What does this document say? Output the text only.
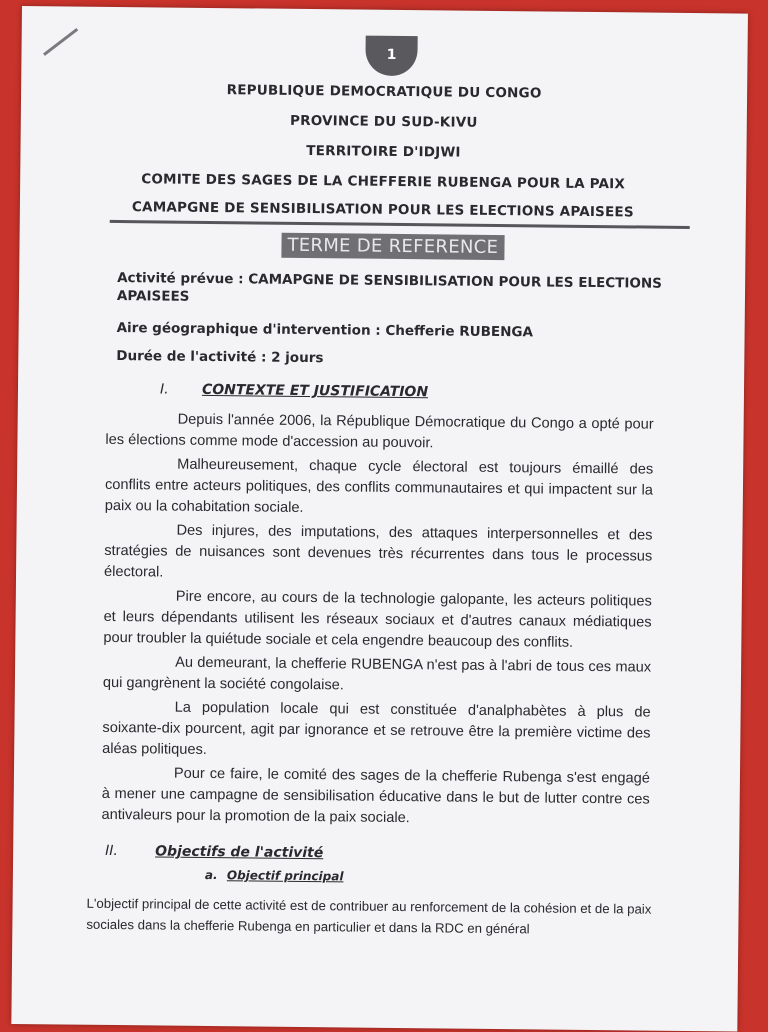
1
REPUBLIQUE DEMOCRATIQUE DU CONGO
PROVINCE DU SUD-KIVU
TERRITOIRE D'IDJWI
COMITE DES SAGES DE LA CHEFFERIE RUBENGA POUR LA PAIX
CAMAPGNE DE SENSIBILISATION POUR LES ELECTIONS APAISEES
TERME DE REFERENCE
Activité prévue : CAMAPGNE DE SENSIBILISATION POUR LES ELECTIONS APAISEES
Aire géographique d'intervention : Chefferie RUBENGA
Durée de l'activité : 2 jours
I. CONTEXTE ET JUSTIFICATION

Depuis l'année 2006, la République Démocratique du Congo a opté pour les élections comme mode d'accession au pouvoir.

Malheureusement, chaque cycle électoral est toujours émaillé des conflits entre acteurs politiques, des conflits communautaires et qui impactent sur la paix ou la cohabitation sociale.

Des injures, des imputations, des attaques interpersonnelles et des stratégies de nuisances sont devenues très récurrentes dans tous le processus électoral.

Pire encore, au cours de la technologie galopante, les acteurs politiques et leurs dépendants utilisent les réseaux sociaux et d'autres canaux médiatiques pour troubler la quiétude sociale et cela engendre beaucoup des conflits.

Au demeurant, la chefferie RUBENGA n'est pas à l'abri de tous ces maux qui gangrènent la société congolaise.

La population locale qui est constituée d'analphabètes à plus de soixante-dix pourcent, agit par ignorance et se retrouve être la première victime des aléas politiques.

Pour ce faire, le comité des sages de la chefferie Rubenga s'est engagé à mener une campagne de sensibilisation éducative dans le but de lutter contre ces antivaleurs pour la promotion de la paix sociale.

II.	Objectifs de l'activité
a. Objectif principal
L'objectif principal de cette activité est de contribuer au renforcement de la cohésion et de la paix sociales dans la chefferie Rubenga en particulier et dans la RDC en général
